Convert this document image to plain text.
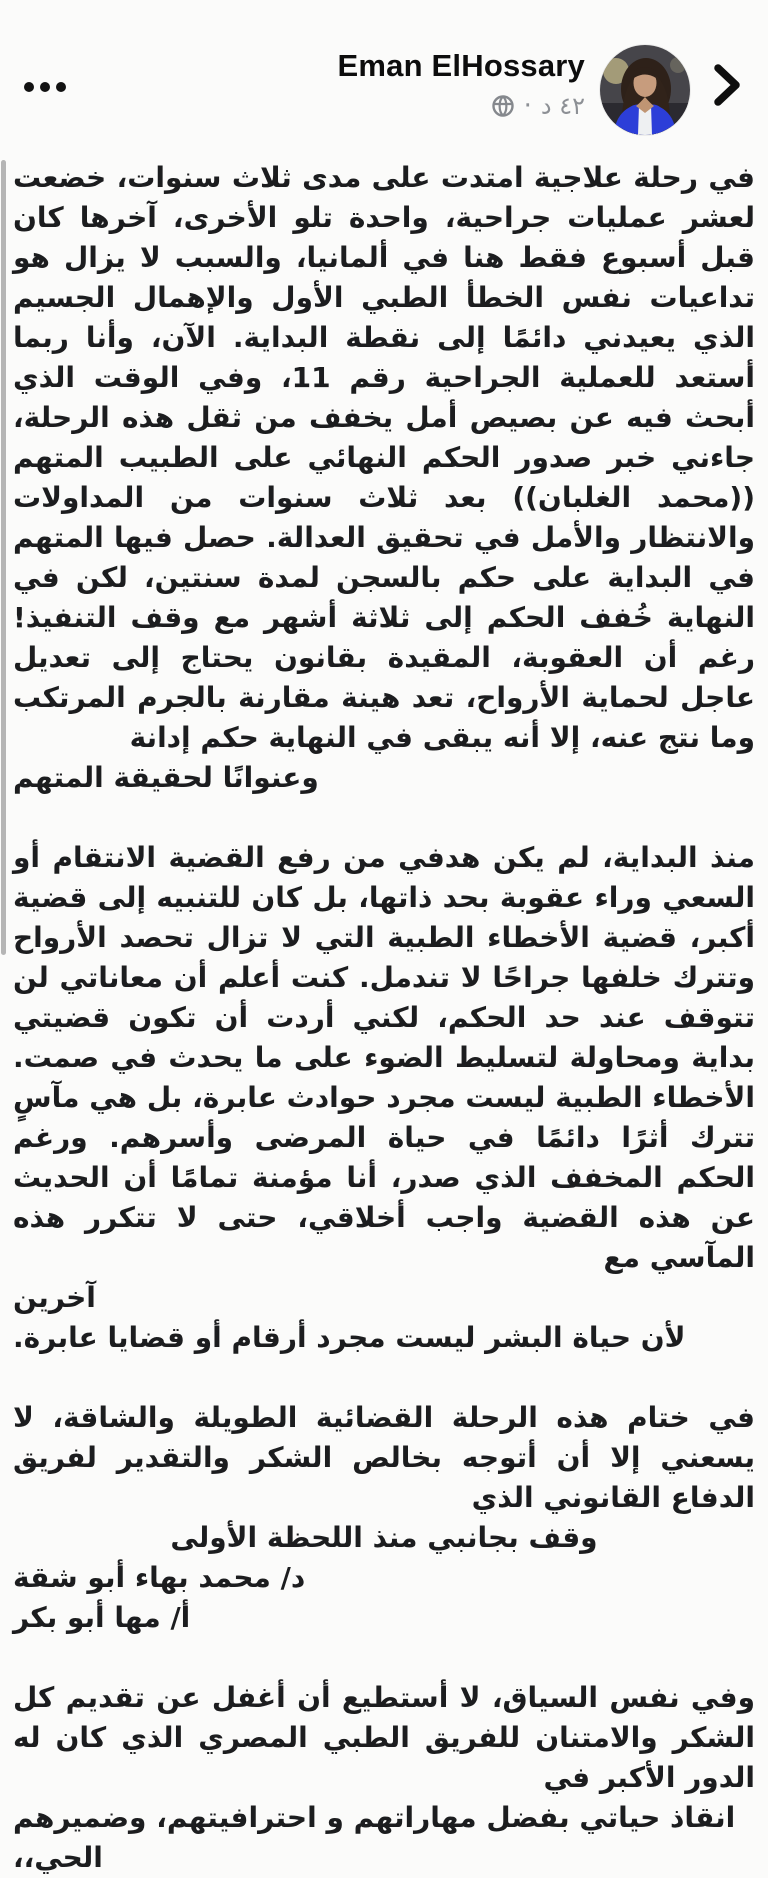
Eman ElHossary
٤٢ د
·
في رحلة علاجية امتدت على مدى ثلاث سنوات، خضعت لعشر عمليات جراحية، واحدة تلو الأخرى، آخرها كان قبل أسبوع فقط هنا في ألمانيا، والسبب لا يزال هو تداعيات نفس الخطأ الطبي الأول والإهمال الجسيم الذي يعيدني دائمًا إلى نقطة البداية. الآن، وأنا ربما أستعد للعملية الجراحية رقم 11، وفي الوقت الذي أبحث فيه عن بصيص أمل يخفف من ثقل هذه الرحلة، جاءني خبر صدور الحكم النهائي على الطبيب المتهم ((محمد الغلبان)) بعد ثلاث سنوات من المداولات والانتظار والأمل في تحقيق العدالة. حصل فيها المتهم في البداية على حكم بالسجن لمدة سنتين، لكن في النهاية خُفف الحكم إلى ثلاثة أشهر مع وقف التنفيذ! رغم أن العقوبة، المقيدة بقانون يحتاج إلى تعديل عاجل لحماية الأرواح، تعد هينة مقارنة بالجرم المرتكب وما نتج عنه، إلا أنه يبقى في النهاية حكم إدانة
وعنوانًا لحقيقة المتهم
منذ البداية، لم يكن هدفي من رفع القضية الانتقام أو السعي وراء عقوبة بحد ذاتها، بل كان للتنبيه إلى قضية أكبر، قضية الأخطاء الطبية التي لا تزال تحصد الأرواح وتترك خلفها جراحًا لا تندمل. كنت أعلم أن معاناتي لن تتوقف عند حد الحكم، لكني أردت أن تكون قضيتي بداية ومحاولة لتسليط الضوء على ما يحدث في صمت. الأخطاء الطبية ليست مجرد حوادث عابرة، بل هي مآسٍ تترك أثرًا دائمًا في حياة المرضى وأسرهم. ورغم الحكم المخفف الذي صدر، أنا مؤمنة تمامًا أن الحديث عن هذه القضية واجب أخلاقي، حتى لا تتكرر هذه المآسي مع
آخرين
لأن حياة البشر ليست مجرد أرقام أو قضايا عابرة.
في ختام هذه الرحلة القضائية الطويلة والشاقة، لا يسعني إلا أن أتوجه بخالص الشكر والتقدير لفريق الدفاع القانوني الذي
وقف بجانبي منذ اللحظة الأولى
د/ محمد بهاء أبو شقة
أ/ مها أبو بكر
وفي نفس السياق، لا أستطيع أن أغفل عن تقديم كل الشكر والامتنان للفريق الطبي المصري الذي كان له الدور الأكبر في
انقاذ حياتي بفضل مهاراتهم و احترافيتهم، وضميرهم الحي،،
